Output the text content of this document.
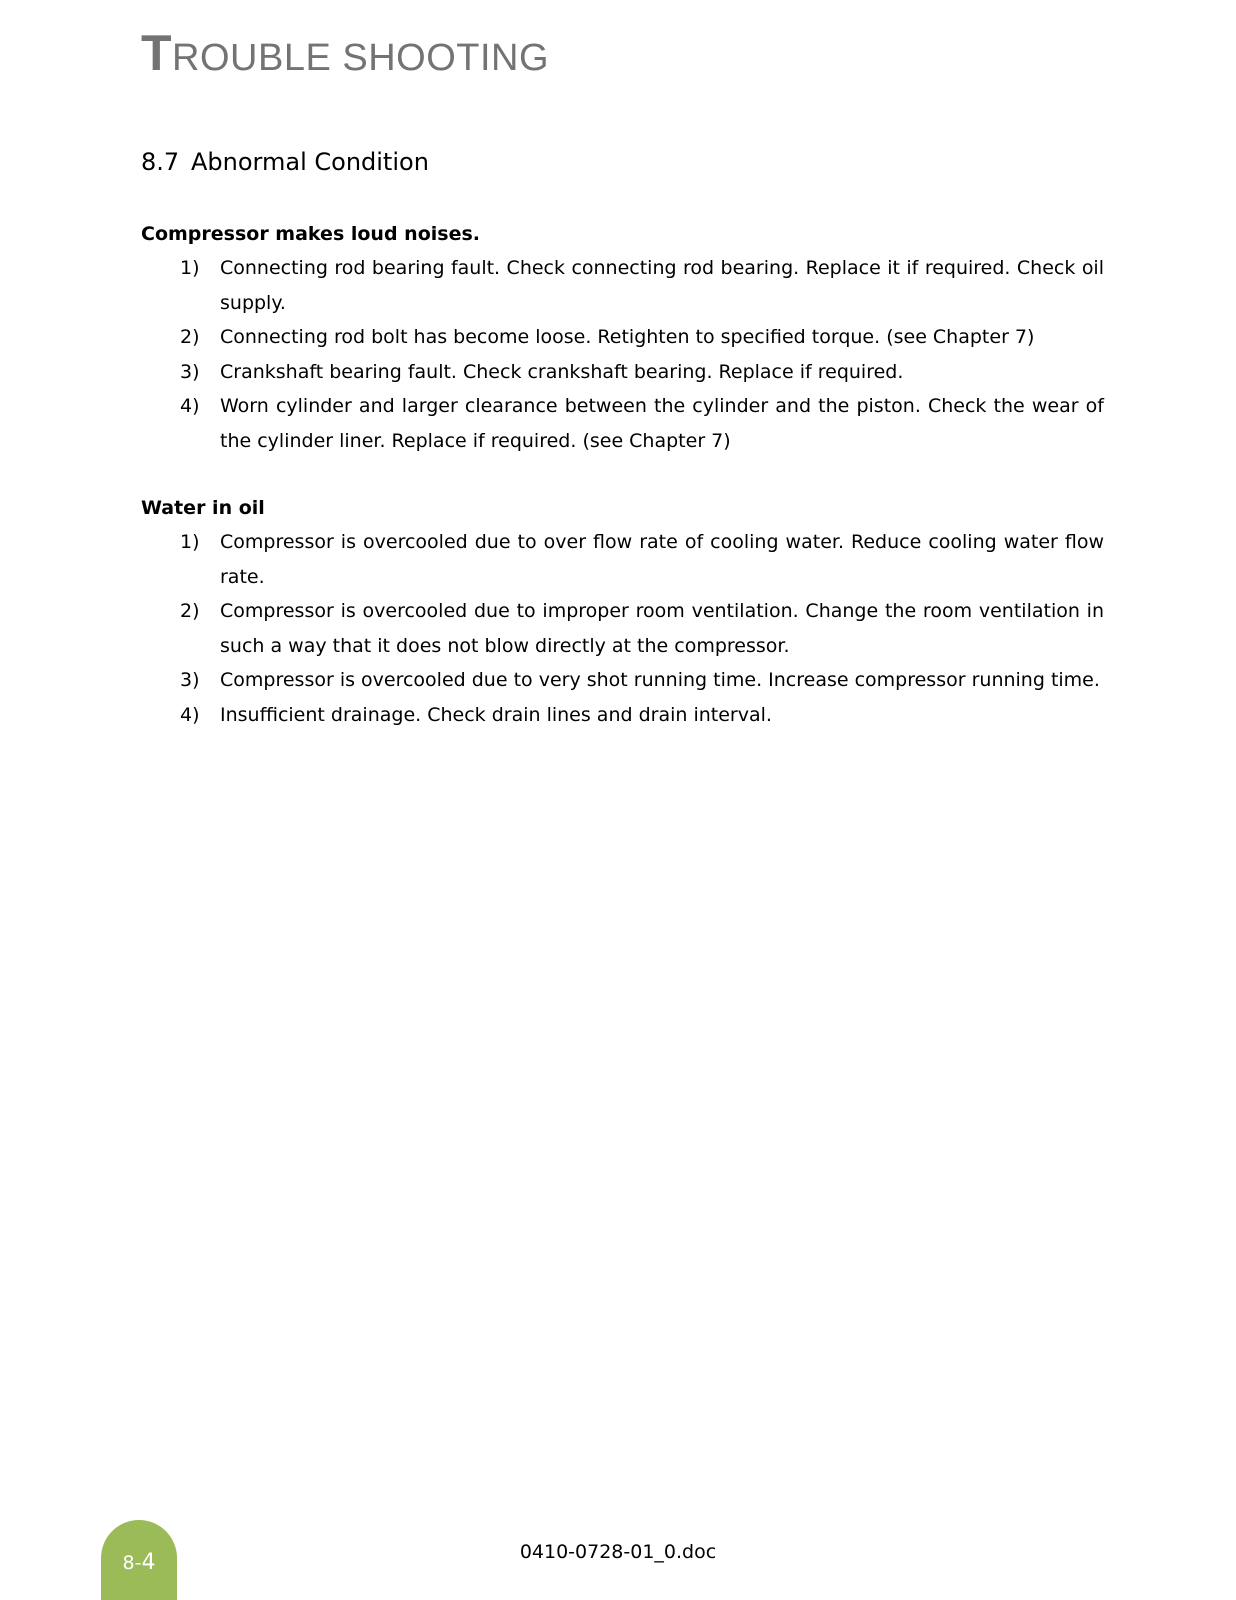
TROUBLE SHOOTING
8.7 Abnormal Condition
Compressor makes loud noises.
1) Connecting rod bearing fault. Check connecting rod bearing. Replace it if required. Check oil supply.
2) Connecting rod bolt has become loose. Retighten to specified torque. (see Chapter 7)
3) Crankshaft bearing fault. Check crankshaft bearing. Replace if required.
4) Worn cylinder and larger clearance between the cylinder and the piston. Check the wear of the cylinder liner. Replace if required. (see Chapter 7)
Water in oil
1) Compressor is overcooled due to over flow rate of cooling water. Reduce cooling water flow rate.
2) Compressor is overcooled due to improper room ventilation. Change the room ventilation in such a way that it does not blow directly at the compressor.
3) Compressor is overcooled due to very shot running time. Increase compressor running time.
4) Insufficient drainage. Check drain lines and drain interval.
8-4	0410-0728-01_0.doc
